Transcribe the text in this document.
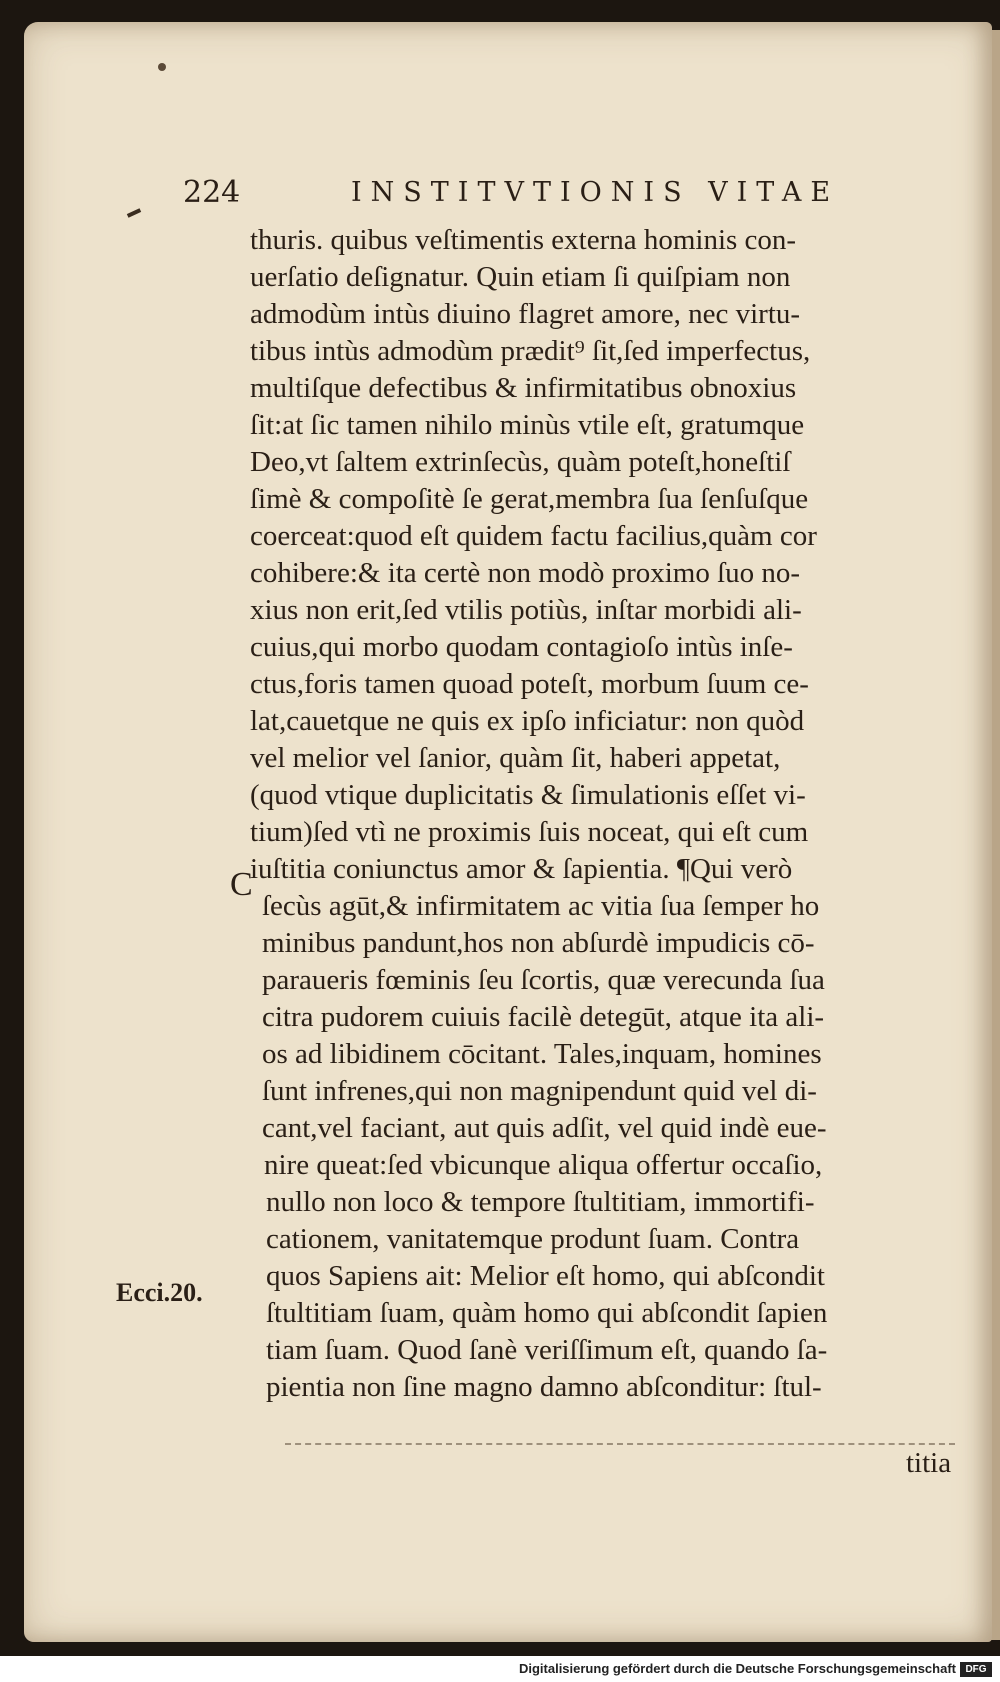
224	INSTITVTIONIS VITAE
thuris. quibus veſtimentis externa hominis con-
uerſatio deſignatur. Quin etiam ſi quiſpiam non
admodùm intùs diuino flagret amore, nec virtu-
tibus intùs admodùm prædit⁹ ſit,ſed imperfectus,
multiſque defectibus & infirmitatibus obnoxius
ſit:at ſic tamen nihilo minùs vtile eſt, gratumque
Deo,vt ſaltem extrinſecùs, quàm poteſt,honeſtiſ
ſimè & compoſitè ſe gerat,membra ſua ſenſuſque
coerceat:quod eſt quidem factu facilius,quàm cor
cohibere:& ita certè non modò proximo ſuo no-
xius non erit,ſed vtilis potiùs, inſtar morbidi ali-
cuius,qui morbo quodam contagioſo intùs inſe-
ctus,foris tamen quoad poteſt, morbum ſuum ce-
lat,cauetque ne quis ex ipſo inficiatur: non quòd
vel melior vel ſanior, quàm ſit, haberi appetat,
(quod vtique duplicitatis & ſimulationis eſſet vi-
tium)ſed vtì ne proximis ſuis noceat, qui eſt cum
iuſtitia coniunctus amor & ſapientia. ¶Qui verò
ſecùs agūt,& infirmitatem ac vitia ſua ſemper ho
minibus pandunt,hos non abſurdè impudicis cō-
paraueris fœminis ſeu ſcortis, quæ verecunda ſua
citra pudorem cuiuis facilè detegūt, atque ita ali-
os ad libidinem cōcitant. Tales,inquam, homines
ſunt infrenes,qui non magnipendunt quid vel di-
cant,vel faciant, aut quis adſit, vel quid indè eue-
nire queat:ſed vbicunque aliqua offertur occaſio,
nullo non loco & tempore ſtultitiam, immortifi-
cationem, vanitatemque produnt ſuam. Contra
quos Sapiens ait: Melior eſt homo, qui abſcondit
ſtultitiam ſuam, quàm homo qui abſcondit ſapien
tiam ſuam. Quod ſanè veriſſimum eſt, quando ſa-
pientia non ſine magno damno abſconditur: ſtul-
C
Ecci.20.
titia
Digitalisierung gefördert durch die Deutsche Forschungsgemeinschaft DFG
